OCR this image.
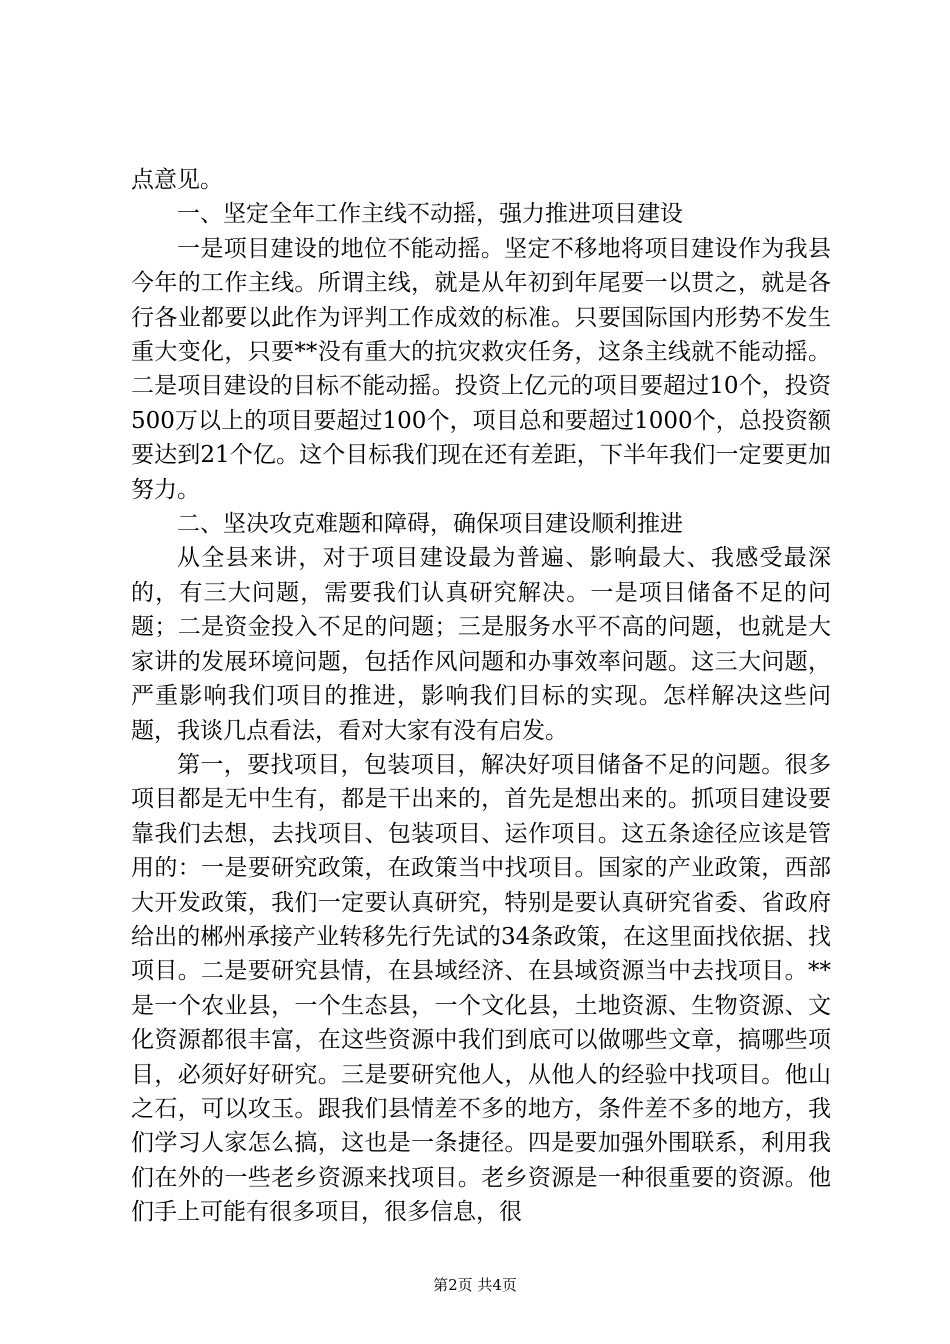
点意见。

一、坚定全年工作主线不动摇，强力推进项目建设

一是项目建设的地位不能动摇。坚定不移地将项目建设作为我县今年的工作主线。所谓主线，就是从年初到年尾要一以贯之，就是各行各业都要以此作为评判工作成效的标准。只要国际国内形势不发生重大变化，只要**没有重大的抗灾救灾任务，这条主线就不能动摇。二是项目建设的目标不能动摇。投资上亿元的项目要超过10个，投资500万以上的项目要超过100个，项目总和要超过1000个，总投资额要达到21个亿。这个目标我们现在还有差距，下半年我们一定要更加努力。

二、坚决攻克难题和障碍，确保项目建设顺利推进

从全县来讲，对于项目建设最为普遍、影响最大、我感受最深的，有三大问题，需要我们认真研究解决。一是项目储备不足的问题；二是资金投入不足的问题；三是服务水平不高的问题，也就是大家讲的发展环境问题，包括作风问题和办事效率问题。这三大问题，严重影响我们项目的推进，影响我们目标的实现。怎样解决这些问题，我谈几点看法，看对大家有没有启发。

第一，要找项目，包装项目，解决好项目储备不足的问题。很多项目都是无中生有，都是干出来的，首先是想出来的。抓项目建设要靠我们去想，去找项目、包装项目、运作项目。这五条途径应该是管用的：一是要研究政策，在政策当中找项目。国家的产业政策，西部大开发政策，我们一定要认真研究，特别是要认真研究省委、省政府给出的郴州承接产业转移先行先试的34条政策，在这里面找依据、找项目。二是要研究县情，在县域经济、在县域资源当中去找项目。**是一个农业县，一个生态县，一个文化县，土地资源、生物资源、文化资源都很丰富，在这些资源中我们到底可以做哪些文章，搞哪些项目，必须好好研究。三是要研究他人，从他人的经验中找项目。他山之石，可以攻玉。跟我们县情差不多的地方，条件差不多的地方，我们学习人家怎么搞，这也是一条捷径。四是要加强外围联系，利用我们在外的一些老乡资源来找项目。老乡资源是一种很重要的资源。他们手上可能有很多项目，很多信息，很

第2页 共4页
